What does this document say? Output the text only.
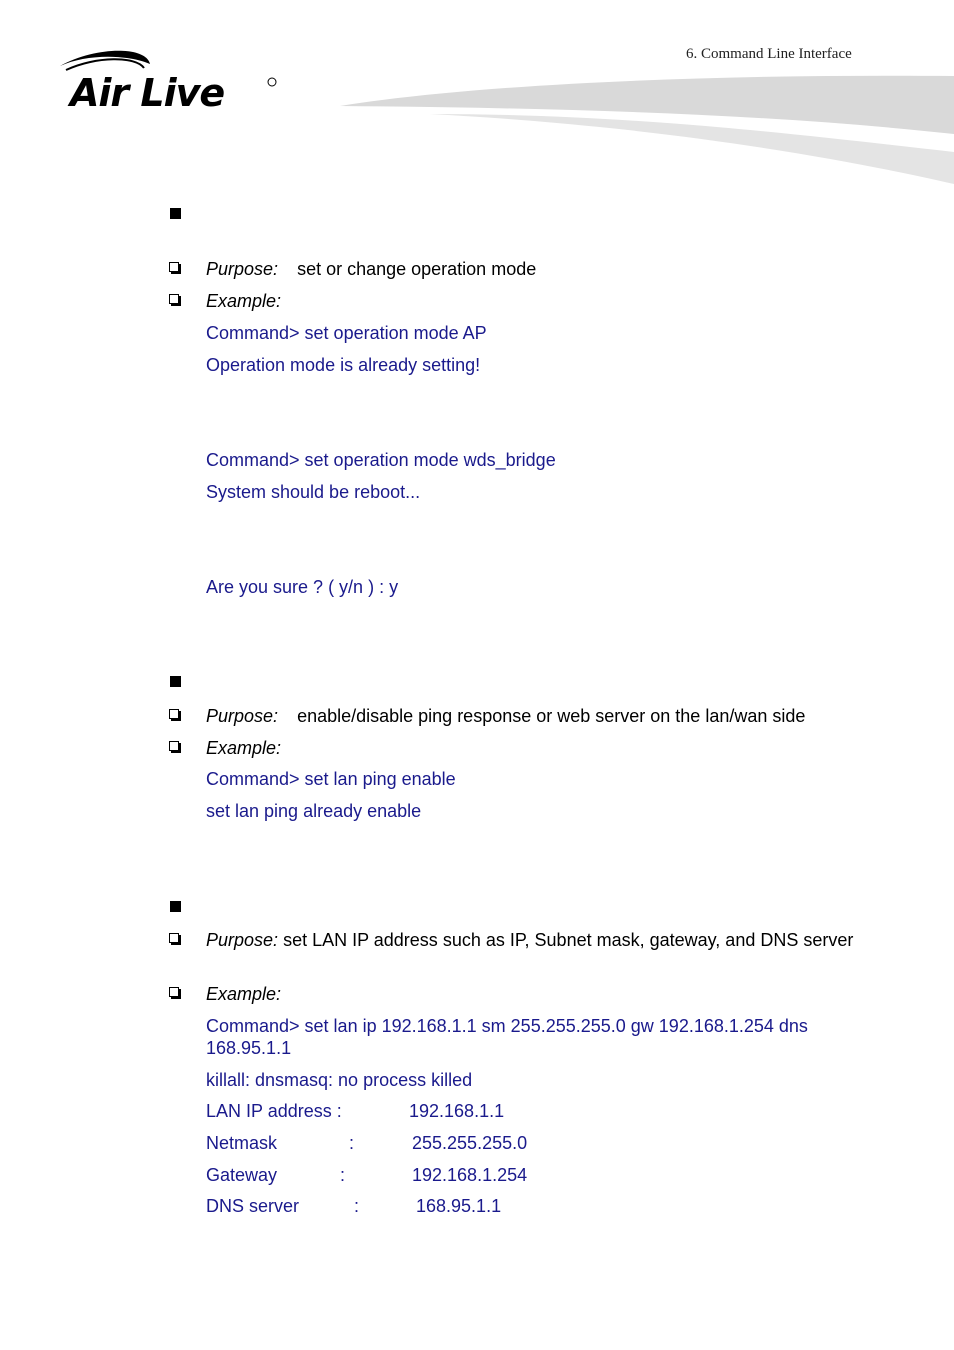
6. Command Line Interface
Air Live
Purpose: set or change operation mode
Example:
Command> set operation mode AP
Operation mode is already setting!
Command> set operation mode wds_bridge
System should be reboot...
Are you sure ? ( y/n ) : y
Purpose: enable/disable ping response or web server on the lan/wan side
Example:
Command> set lan ping enable
set lan ping already enable
Purpose: set LAN IP address such as IP, Subnet mask, gateway, and DNS server
Example:
Command> set lan ip 192.168.1.1 sm 255.255.255.0 gw 192.168.1.254 dns 168.95.1.1
killall: dnsmasq: no process killed
LAN IP address :	192.168.1.1
Netmask	:	255.255.255.0
Gateway	:	192.168.1.254
DNS server	:	168.95.1.1
